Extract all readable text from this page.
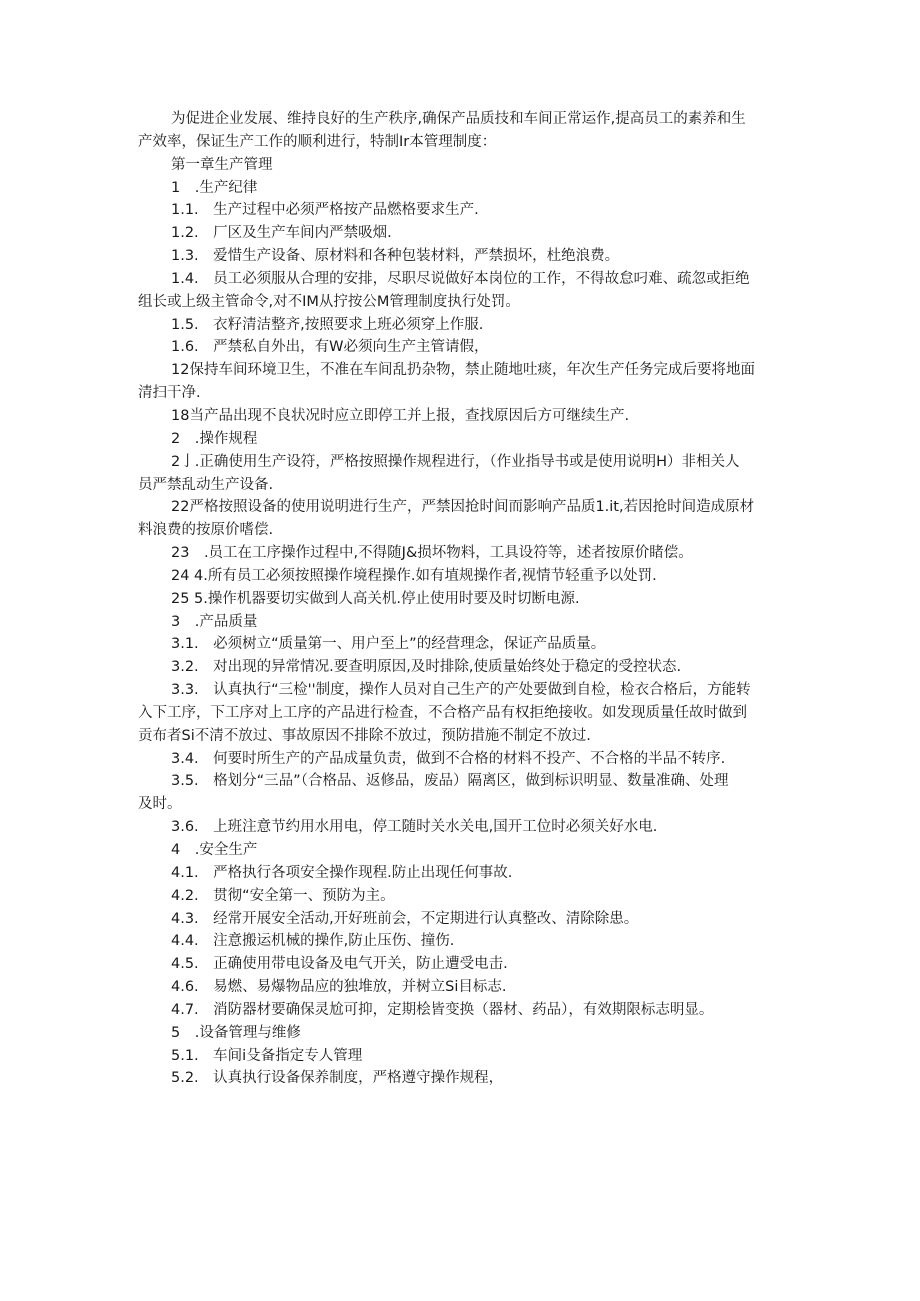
为促进企业发展、维持良好的生产秩序,确保产品质技和车间正常运作,提高员工的素养和生
产效率，保证生产工作的顺利进行，特制Ir本管理制度：
第一章生产管理
1　.生产纪律
1.1.　生产过程中必须严格按产品燃格要求生产.
1.2.　厂区及生产车间内严禁吸烟.
1.3.　爱惜生产设备、原材料和各种包装材料，严禁损坏，杜绝浪费。
1.4.　员工必须服从合理的安排，尽职尽说做好本岗位的工作，不得故怠叼难、疏忽或拒绝
组长或上级主管命令,对不IM从拧按公M管理制度执行处罚。
1.5.　衣籽清洁整齐,按照要求上班必须穿上作服.
1.6.　严禁私自外出，有W必须向生产主管请假，
12保持车间环境卫生，不准在车间乱扔杂物，禁止随地吐痰，年次生产任务完成后要将地面
清扫干净.
18当产品出现不良状况时应立即停工并上报，查找原因后方可继续生产.
2　.操作规程
2亅.正确使用生产设符，严格按照操作规程进行，（作业指导书或是使用说明H）非相关人
员严禁乱动生产设备.
22严格按照设备的使用说明进行生产，严禁因抢时间而影响产品质1.it,若因抢时间造成原材
料浪费的按原价嗜偿.
23　.员工在工序操作过程中,不得随J&损坏物料，工具设符等，述者按原价睹偿。
24 4.所有员工必须按照操作境程操作.如有埴规操作者,视情节轻重予以处罚.
25 5.操作机器要切实做到人高关机.停止使用时要及时切断电源.
3　.产品质量
3.1.　必须树立“质量第一、用户至上”的经营理念，保证产品质量。
3.2.　对出现的异常情况.要查明原因,及时排除,使质量始终处于稳定的受控状态.
3.3.　认真执行“三检''制度，操作人员对自己生产的产处要做到自检，检衣合格后，方能转
入下工序，下工序对上工序的产品进行检査，不合格产品有权拒绝接收。如发现质量任故时做到
贡布者Si不清不放过、事故原因不排除不放过，预防措施不制定不放过.
3.4.　何要时所生产的产品成量负责，做到不合格的材料不投产、不合格的半品不转序.
3.5.　格划分“三品”（合格品、返修品，废品）隔离区，做到标识明显、数量准确、处理
及时。
3.6.　上班注意节约用水用电，停工随时关水关电,国开工位时必须关好水电.
4　.安全生产
4.1.　严格执行各项安全操作现程.防止出现任何事故.
4.2.　贯彻“安全第一、预防为主。
4.3.　经常开展安全活动,开好班前会，不定期进行认真整改、清除除患。
4.4.　注意搬运机械的操作,防止压伤、撞伤.
4.5.　正确使用带电设备及电气开关，防止遭受电击.
4.6.　易燃、易爆物品应的独堆放，并树立Si目标志.
4.7.　消防器材要确保灵尬可抑，定期桧皆变换（器材、药品），有效期限标志明显。
5　.设备管理与维修
5.1.　车间i殳备指定专人管理
5.2.　认真执行设备保养制度，严格遵守操作规程，
